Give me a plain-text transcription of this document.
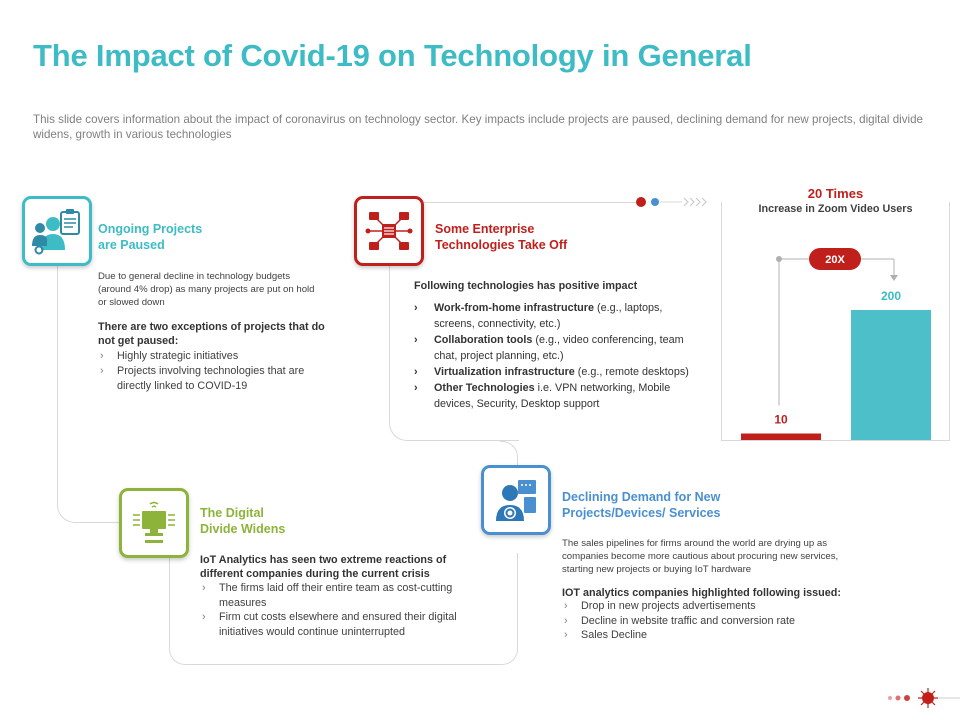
The Impact of Covid-19 on Technology in General
This slide covers information about the impact of coronavirus on technology sector. Key impacts include projects are paused, declining demand for new projects, digital divide widens, growth in various technologies
Ongoing Projects
are Paused
Due to general decline in technology budgets (around 4% drop) as many projects are put on hold or slowed down
There are two exceptions of projects that do not get paused:
› Highly strategic initiatives
› Projects involving technologies that are directly linked to COVID-19
Some Enterprise
Technologies Take Off
Following technologies has positive impact
› Work-from-home infrastructure (e.g., laptops, screens, connectivity, etc.)
› Collaboration tools (e.g., video conferencing, team chat, project planning, etc.)
› Virtualization infrastructure (e.g., remote desktops)
› Other Technologies i.e. VPN networking, Mobile devices, Security, Desktop support
The Digital
Divide Widens
IoT Analytics has seen two extreme reactions of different companies during the current crisis
› The firms laid off their entire team as cost-cutting measures
› Firm cut costs elsewhere and ensured their digital initiatives would continue uninterrupted
Declining Demand for New
Projects/Devices/ Services
The sales pipelines for firms around the world are drying up as companies become more cautious about procuring new services, starting new projects or buying IoT hardware
IOT analytics companies highlighted following issued:
› Drop in new projects advertisements
› Decline in website traffic and conversion rate
› Sales Decline
20 Times
Increase in Zoom Video Users
10
200
20X
